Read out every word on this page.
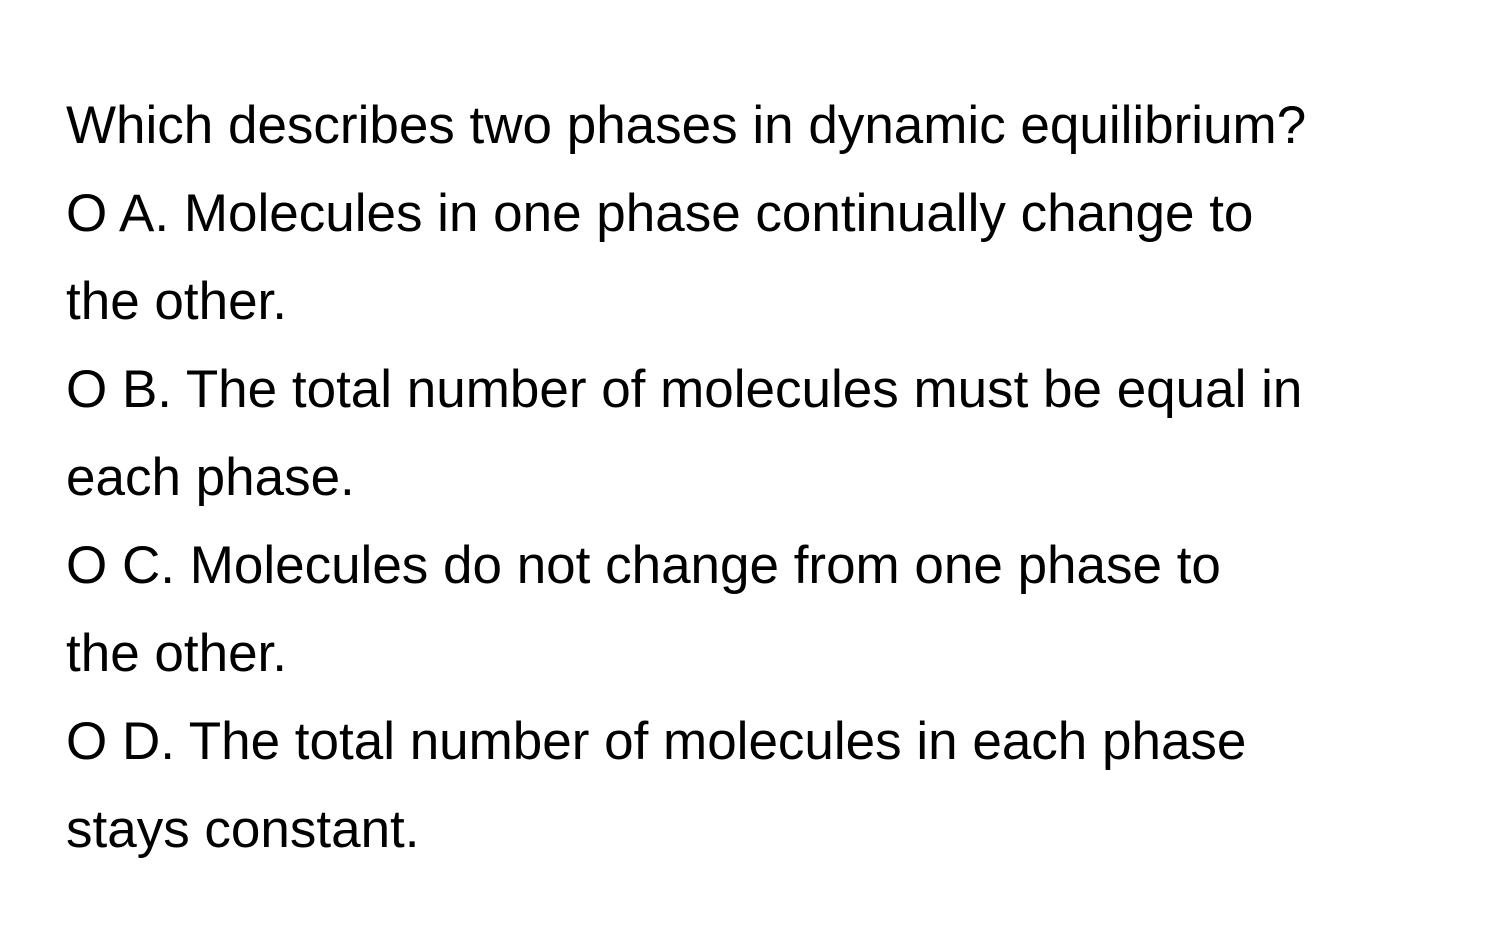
Which describes two phases in dynamic equilibrium?
O A. Molecules in one phase continually change to
the other.
O B. The total number of molecules must be equal in
each phase.
O C. Molecules do not change from one phase to
the other.
O D. The total number of molecules in each phase
stays constant.
